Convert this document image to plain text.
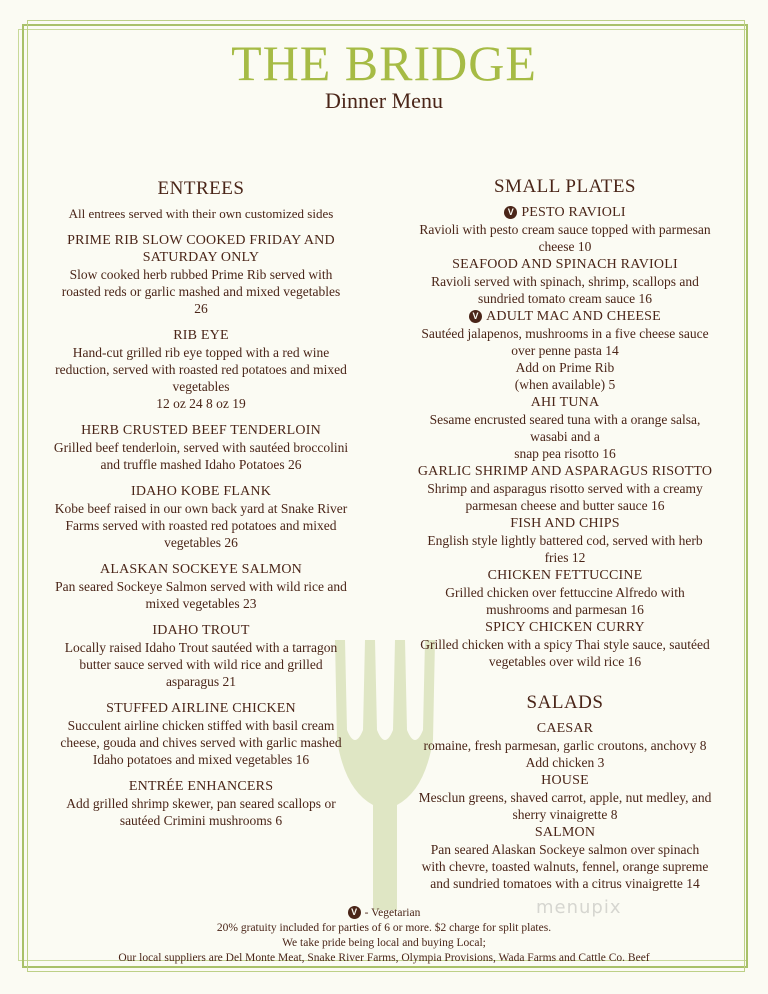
THE BRIDGE
Dinner Menu
ENTREES
All entrees served with their own customized sides
PRIME RIB SLOW COOKED FRIDAY AND
SATURDAY ONLY
Slow cooked herb rubbed Prime Rib served with
roasted reds or garlic mashed and mixed vegetables
26
RIB EYE
Hand-cut grilled rib eye topped with a red wine
reduction, served with roasted red potatoes and mixed
vegetables
12 oz 24 8 oz 19
HERB CRUSTED BEEF TENDERLOIN
Grilled beef tenderloin, served with sautéed broccolini
and truffle mashed Idaho Potatoes 26
IDAHO KOBE FLANK
Kobe beef raised in our own back yard at Snake River
Farms served with roasted red potatoes and mixed
vegetables 26
ALASKAN SOCKEYE SALMON
Pan seared Sockeye Salmon served with wild rice and
mixed vegetables 23
IDAHO TROUT
Locally raised Idaho Trout sautéed with a tarragon
butter sauce served with wild rice and grilled
asparagus 21
STUFFED AIRLINE CHICKEN
Succulent airline chicken stiffed with basil cream
cheese, gouda and chives served with garlic mashed
Idaho potatoes and mixed vegetables 16
ENTRÉE ENHANCERS
Add grilled shrimp skewer, pan seared scallops or
sautéed Crimini mushrooms 6
SMALL PLATES
V PESTO RAVIOLI
Ravioli with pesto cream sauce topped with parmesan
cheese 10
SEAFOOD AND SPINACH RAVIOLI
Ravioli served with spinach, shrimp, scallops and
sundried tomato cream sauce 16
V ADULT MAC AND CHEESE
Sautéed jalapenos, mushrooms in a five cheese sauce
over penne pasta 14
Add on Prime Rib
(when available) 5
AHI TUNA
Sesame encrusted seared tuna with a orange salsa,
wasabi and a
snap pea risotto 16
GARLIC SHRIMP AND ASPARAGUS RISOTTO
Shrimp and asparagus risotto served with a creamy
parmesan cheese and butter sauce 16
FISH AND CHIPS
English style lightly battered cod, served with herb
fries 12
CHICKEN FETTUCCINE
Grilled chicken over fettuccine Alfredo with
mushrooms and parmesan 16
SPICY CHICKEN CURRY
Grilled chicken with a spicy Thai style sauce, sautéed
vegetables over wild rice 16
SALADS
CAESAR
romaine, fresh parmesan, garlic croutons, anchovy 8
Add chicken 3
HOUSE
Mesclun greens, shaved carrot, apple, nut medley, and
sherry vinaigrette 8
SALMON
Pan seared Alaskan Sockeye salmon over spinach
with chevre, toasted walnuts, fennel, orange supreme
and sundried tomatoes with a citrus vinaigrette 14
V - Vegetarian
20% gratuity included for parties of 6 or more. $2 charge for split plates.
We take pride being local and buying Local;
Our local suppliers are Del Monte Meat, Snake River Farms, Olympia Provisions, Wada Farms and Cattle Co. Beef
menupix
